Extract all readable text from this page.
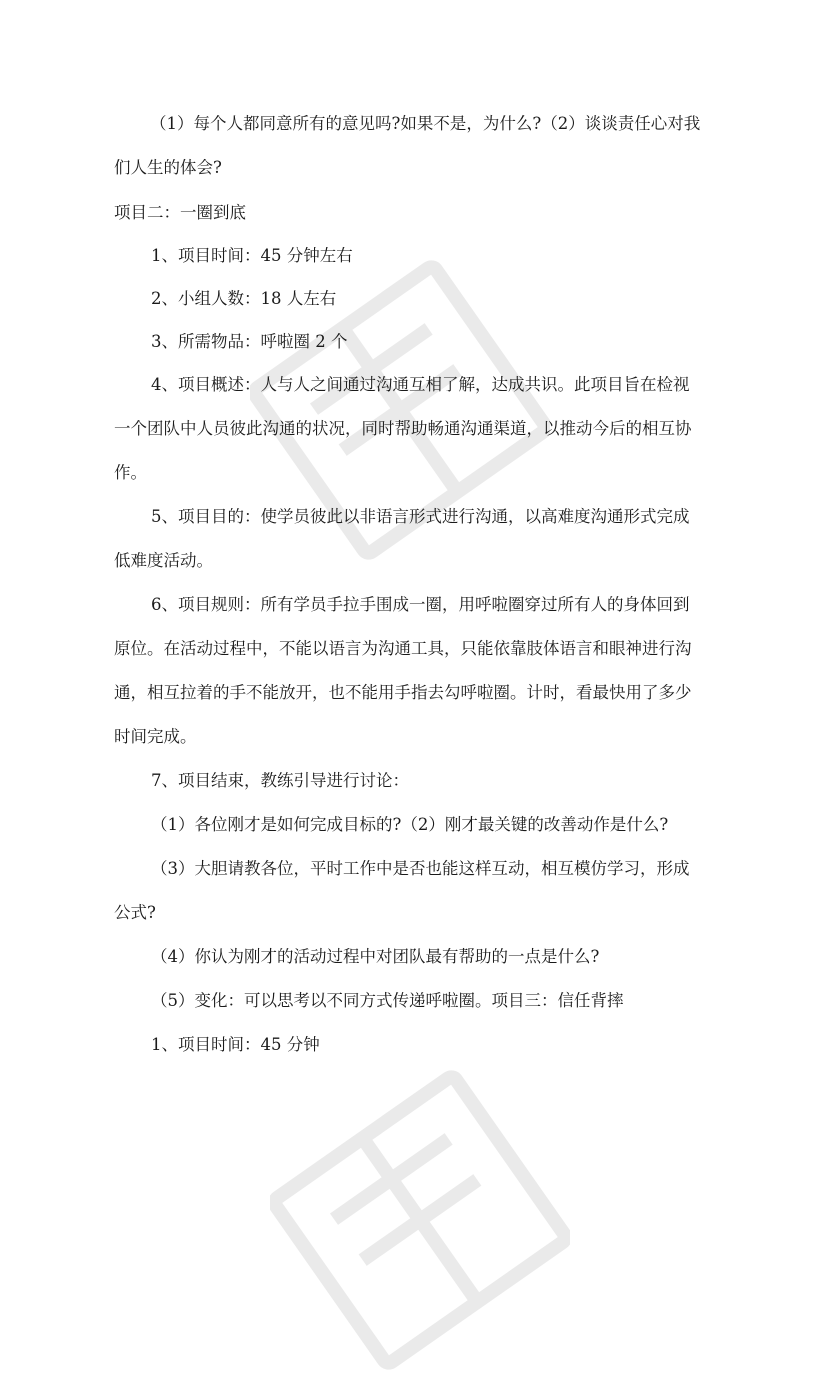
（1）每个人都同意所有的意见吗?如果不是，为什么?（2）谈谈责任心对我
们人生的体会?
项目二：一圈到底
1、项目时间：45 分钟左右
2、小组人数：18 人左右
3、所需物品：呼啦圈 2 个
4、项目概述：人与人之间通过沟通互相了解，达成共识。此项目旨在检视
一个团队中人员彼此沟通的状况，同时帮助畅通沟通渠道，以推动今后的相互协
作。
5、项目目的：使学员彼此以非语言形式进行沟通，以高难度沟通形式完成
低难度活动。
6、项目规则：所有学员手拉手围成一圈，用呼啦圈穿过所有人的身体回到
原位。在活动过程中，不能以语言为沟通工具，只能依靠肢体语言和眼神进行沟
通，相互拉着的手不能放开，也不能用手指去勾呼啦圈。计时，看最快用了多少
时间完成。
7、项目结束，教练引导进行讨论：
（1）各位刚才是如何完成目标的?（2）刚才最关键的改善动作是什么?
（3）大胆请教各位，平时工作中是否也能这样互动，相互模仿学习，形成
公式?
（4）你认为刚才的活动过程中对团队最有帮助的一点是什么?
（5）变化：可以思考以不同方式传递呼啦圈。项目三：信任背摔
1、项目时间：45 分钟
